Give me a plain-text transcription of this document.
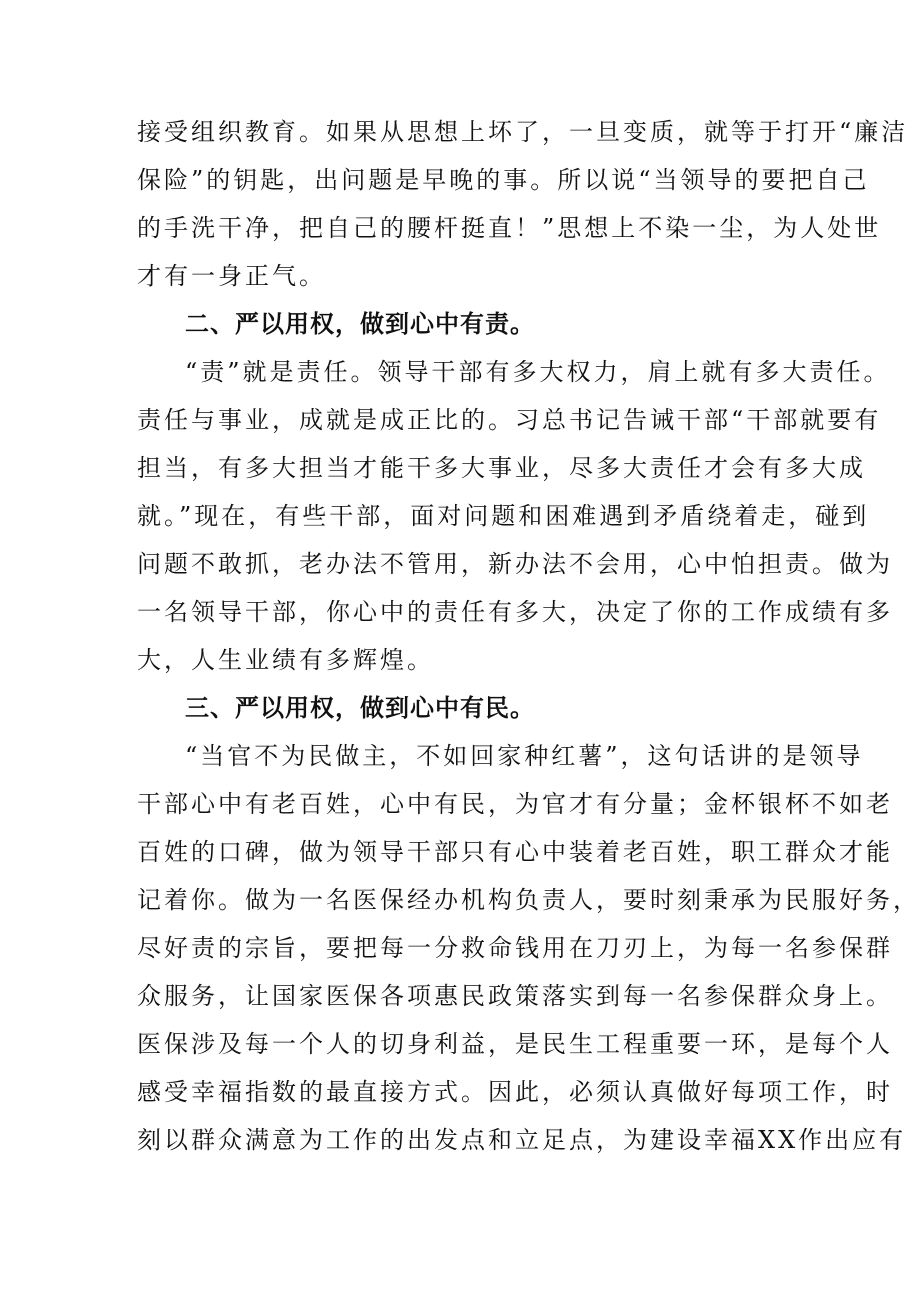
接受组织教育。如果从思想上坏了，一旦变质，就等于打开“廉洁
保险”的钥匙，出问题是早晚的事。所以说“当领导的要把自己
的手洗干净，把自己的腰杆挺直！”思想上不染一尘，为人处世
才有一身正气。
二、严以用权，做到心中有责。
“责”就是责任。领导干部有多大权力，肩上就有多大责任。
责任与事业，成就是成正比的。习总书记告诫干部“干部就要有
担当，有多大担当才能干多大事业，尽多大责任才会有多大成
就。”现在，有些干部，面对问题和困难遇到矛盾绕着走，碰到
问题不敢抓，老办法不管用，新办法不会用，心中怕担责。做为
一名领导干部，你心中的责任有多大，决定了你的工作成绩有多
大，人生业绩有多辉煌。
三、严以用权，做到心中有民。
“当官不为民做主，不如回家种红薯”，这句话讲的是领导
干部心中有老百姓，心中有民，为官才有分量；金杯银杯不如老
百姓的口碑，做为领导干部只有心中装着老百姓，职工群众才能
记着你。做为一名医保经办机构负责人，要时刻秉承为民服好务，
尽好责的宗旨，要把每一分救命钱用在刀刃上，为每一名参保群
众服务，让国家医保各项惠民政策落实到每一名参保群众身上。
医保涉及每一个人的切身利益，是民生工程重要一环，是每个人
感受幸福指数的最直接方式。因此，必须认真做好每项工作，时
刻以群众满意为工作的出发点和立足点，为建设幸福XX作出应有
